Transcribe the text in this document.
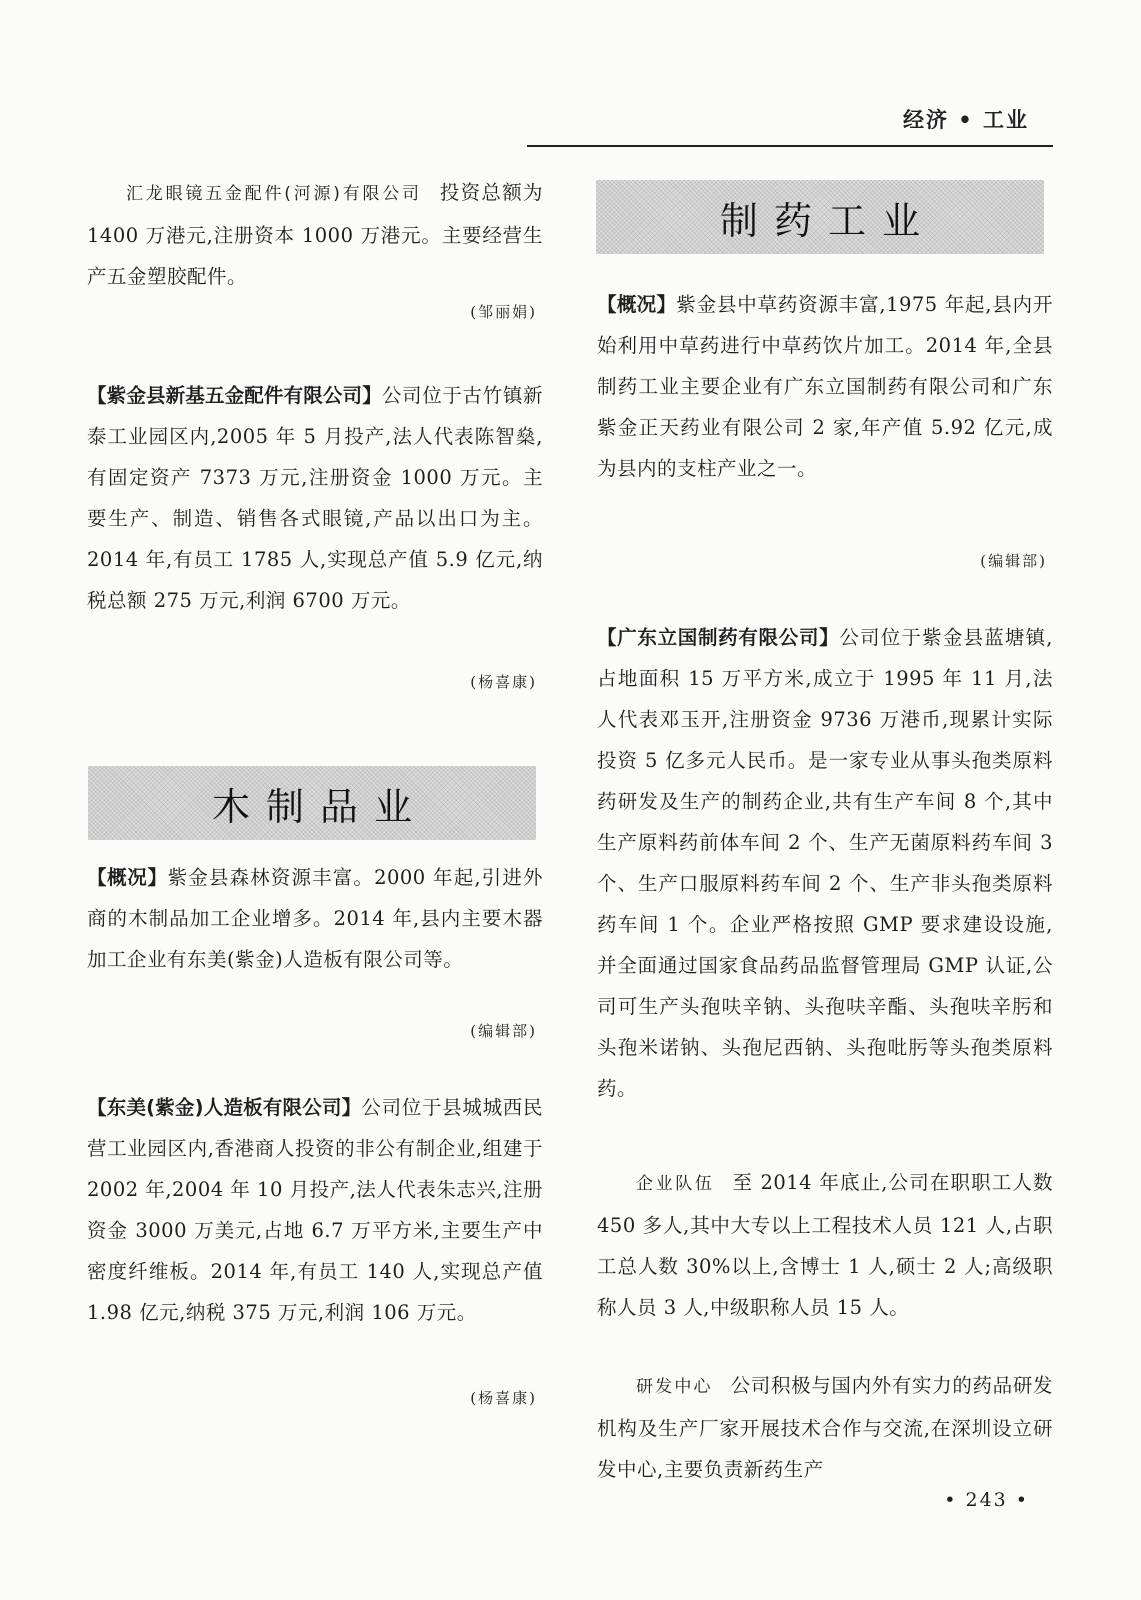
经济 • 工业

汇龙眼镜五金配件(河源)有限公司 投资总额为 1400 万港元,注册资本 1000 万港元。主要经营生产五金塑胶配件。

(邹丽娟)

【紫金县新基五金配件有限公司】公司位于古竹镇新泰工业园区内,2005 年 5 月投产,法人代表陈智燊,有固定资产 7373 万元,注册资金 1000 万元。主要生产、制造、销售各式眼镜,产品以出口为主。2014 年,有员工 1785 人,实现总产值 5.9 亿元,纳税总额 275 万元,利润 6700 万元。

(杨喜康)
木制品业

【概况】紫金县森林资源丰富。2000 年起,引进外商的木制品加工企业增多。2014 年,县内主要木器加工企业有东美(紫金)人造板有限公司等。

(编辑部)

【东美(紫金)人造板有限公司】公司位于县城城西民营工业园区内,香港商人投资的非公有制企业,组建于 2002 年,2004 年 10 月投产,法人代表朱志兴,注册资金 3000 万美元,占地 6.7 万平方米,主要生产中密度纤维板。2014 年,有员工 140 人,实现总产值 1.98 亿元,纳税 375 万元,利润 106 万元。

(杨喜康)
制药工业

【概况】紫金县中草药资源丰富,1975 年起,县内开始利用中草药进行中草药饮片加工。2014 年,全县制药工业主要企业有广东立国制药有限公司和广东紫金正天药业有限公司 2 家,年产值 5.92 亿元,成为县内的支柱产业之一。

(编辑部)

【广东立国制药有限公司】公司位于紫金县蓝塘镇,占地面积 15 万平方米,成立于 1995 年 11 月,法人代表邓玉开,注册资金 9736 万港币,现累计实际投资 5 亿多元人民币。是一家专业从事头孢类原料药研发及生产的制药企业,共有生产车间 8 个,其中生产原料药前体车间 2 个、生产无菌原料药车间 3 个、生产口服原料药车间 2 个、生产非头孢类原料药车间 1 个。企业严格按照 GMP 要求建设设施,并全面通过国家食品药品监督管理局 GMP 认证,公司可生产头孢呋辛钠、头孢呋辛酯、头孢呋辛肟和头孢米诺钠、头孢尼西钠、头孢吡肟等头孢类原料药。

企业队伍 至 2014 年底止,公司在职职工人数 450 多人,其中大专以上工程技术人员 121 人,占职工总人数 30%以上,含博士 1 人,硕士 2 人;高级职称人员 3 人,中级职称人员 15 人。

研发中心 公司积极与国内外有实力的药品研发机构及生产厂家开展技术合作与交流,在深圳设立研发中心,主要负责新药生产

• 243 •
